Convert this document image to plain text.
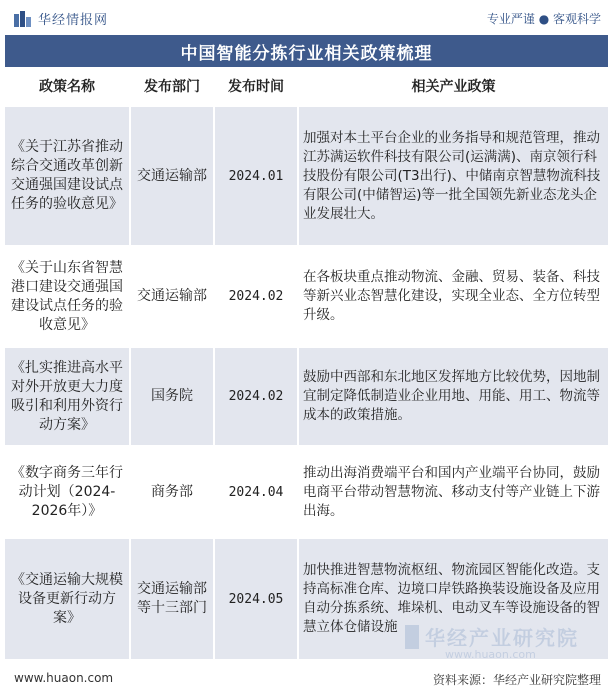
华经情报网	专业严谨 ● 客观科学
中国智能分拣行业相关政策梳理
政策名称	发布部门	发布时间	相关产业政策
《关于江苏省推动综合交通改革创新交通强国建设试点任务的验收意见》	交通运输部	2024.01	加强对本土平台企业的业务指导和规范管理，推动江苏满运软件科技有限公司(运满满)、南京领行科技股份有限公司(T3出行)、中储南京智慧物流科技有限公司(中储智运)等一批全国领先新业态龙头企业发展壮大。
《关于山东省智慧港口建设交通强国建设试点任务的验收意见》	交通运输部	2024.02	在各板块重点推动物流、金融、贸易、装备、科技等新兴业态智慧化建设，实现全业态、全方位转型升级。
《扎实推进高水平对外开放更大力度吸引和利用外资行动方案》	国务院	2024.02	鼓励中西部和东北地区发挥地方比较优势，因地制宜制定降低制造业企业用地、用能、用工、物流等成本的政策措施。
《数字商务三年行动计划（2024-2026年）》	商务部	2024.04	推动出海消费端平台和国内产业端平台协同，鼓励电商平台带动智慧物流、移动支付等产业链上下游出海。
《交通运输大规模设备更新行动方案》	交通运输部等十三部门	2024.05	加快推进智慧物流枢纽、物流园区智能化改造。支持高标准仓库、边境口岸铁路换装设施设备及应用自动分拣系统、堆垛机、电动叉车等设施设备的智慧立体仓储设施 华经产业研究院
www.huaon.com
www.huaon.com	资料来源：华经产业研究院整理
